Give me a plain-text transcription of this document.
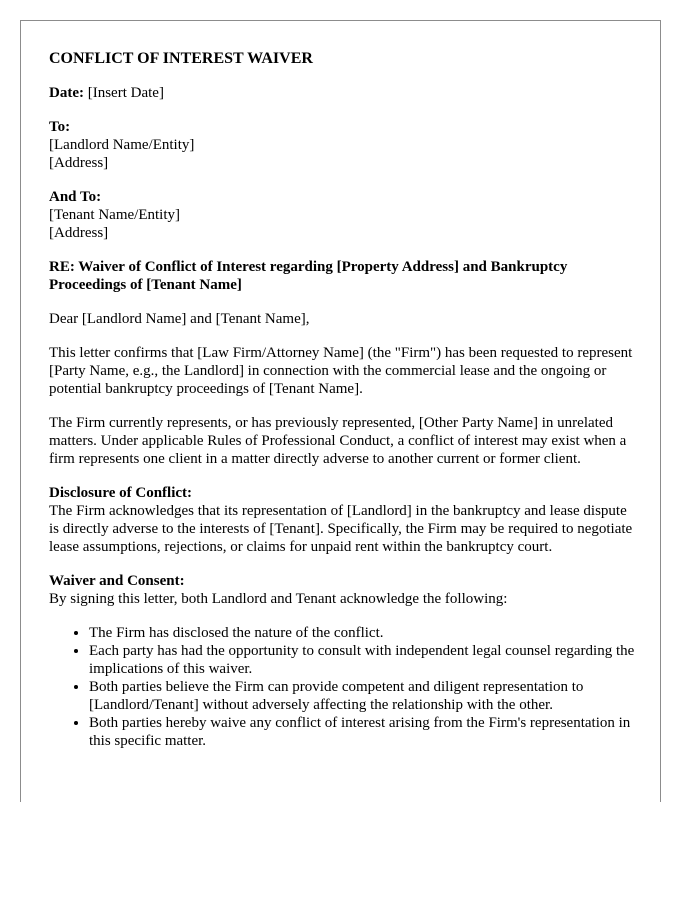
CONFLICT OF INTEREST WAIVER
Date: [Insert Date]
To:
[Landlord Name/Entity]
[Address]
And To:
[Tenant Name/Entity]
[Address]
RE: Waiver of Conflict of Interest regarding [Property Address] and Bankruptcy Proceedings of [Tenant Name]

Dear [Landlord Name] and [Tenant Name],

This letter confirms that [Law Firm/Attorney Name] (the "Firm") has been requested to represent [Party Name, e.g., the Landlord] in connection with the commercial lease and the ongoing or potential bankruptcy proceedings of [Tenant Name].

The Firm currently represents, or has previously represented, [Other Party Name] in unrelated matters. Under applicable Rules of Professional Conduct, a conflict of interest may exist when a firm represents one client in a matter directly adverse to another current or former client.

Disclosure of Conflict:
The Firm acknowledges that its representation of [Landlord] in the bankruptcy and lease dispute is directly adverse to the interests of [Tenant]. Specifically, the Firm may be required to negotiate lease assumptions, rejections, or claims for unpaid rent within the bankruptcy court.
Waiver and Consent:
By signing this letter, both Landlord and Tenant acknowledge the following:
• The Firm has disclosed the nature of the conflict.
• Each party has had the opportunity to consult with independent legal counsel regarding the implications of this waiver.
• Both parties believe the Firm can provide competent and diligent representation to [Landlord/Tenant] without adversely affecting the relationship with the other.
• Both parties hereby waive any conflict of interest arising from the Firm's representation in this specific matter.
